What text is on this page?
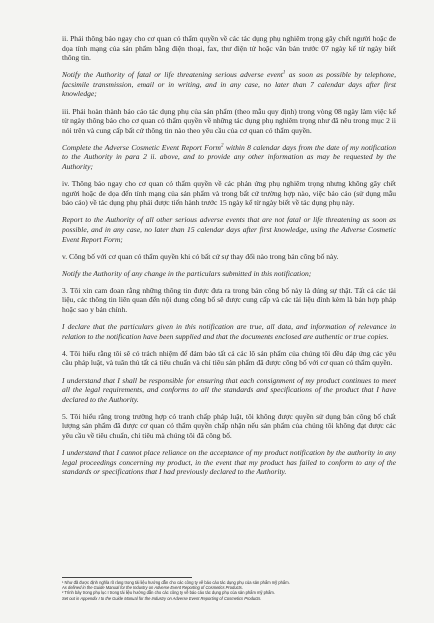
ii. Phải thông báo ngay cho cơ quan có thẩm quyền về các tác dụng phụ nghiêm trọng gây chết người hoặc đe dọa tính mạng của sản phẩm bằng điện thoại, fax, thư điện tử hoặc văn bản trước 07 ngày kể từ ngày biết thông tin.

Notify the Authority of fatal or life threatening serious adverse event$^1$ as soon as possible by telephone, facsimile transmission, email or in writing, and in any case, no later than 7 calendar days after first knowledge;

iii. Phải hoàn thành báo cáo tác dụng phụ của sản phẩm (theo mẫu quy định) trong vòng 08 ngày làm việc kể từ ngày thông báo cho cơ quan có thẩm quyền về những tác dụng phụ nghiêm trọng như đã nêu trong mục 2 ii nói trên và cung cấp bất cứ thông tin nào theo yêu cầu của cơ quan có thẩm quyền.

Complete the Adverse Cosmetic Event Report Form$^2$ within 8 calendar days from the date of my notification to the Authority in para 2 ii. above, and to provide any other information as may be requested by the Authority;

iv. Thông báo ngay cho cơ quan có thẩm quyền về các phản ứng phụ nghiêm trọng nhưng không gây chết người hoặc đe dọa đến tính mạng của sản phẩm và trong bất cứ trường hợp nào, việc báo cáo (sử dụng mẫu báo cáo) về tác dụng phụ phải được tiến hành trước 15 ngày kể từ ngày biết về tác dụng phụ này.

Report to the Authority of all other serious adverse events that are not fatal or life threatening as soon as possible, and in any case, no later than 15 calendar days after first knowledge, using the Adverse Cosmetic Event Report Form;

v. Công bố với cơ quan có thẩm quyền khi có bất cứ sự thay đổi nào trong bản công bố này.

Notify the Authority of any change in the particulars submitted in this notification;

3. Tôi xin cam đoan rằng những thông tin được đưa ra trong bản công bố này là đúng sự thật. Tất cả các tài liệu, các thông tin liên quan đến nội dung công bố sẽ được cung cấp và các tài liệu đính kèm là bản hợp pháp hoặc sao y bản chính.

I declare that the particulars given in this notification are true, all data, and information of relevance in relation to the notification have been supplied and that the documents enclosed are authentic or true copies.

4. Tôi hiểu rằng tôi sẽ có trách nhiệm để đảm bảo tất cả các lô sản phẩm của chúng tôi đều đáp ứng các yêu cầu pháp luật, và tuân thủ tất cả tiêu chuẩn và chỉ tiêu sản phẩm đã được công bố với cơ quan có thẩm quyền.

I understand that I shall be responsible for ensuring that each consignment of my product continues to meet all the legal requirements, and conforms to all the standards and specifications of the product that I have declared to the Authority.

5. Tôi hiểu rằng trong trường hợp có tranh chấp pháp luật, tôi không được quyền sử dụng bản công bố chất lượng sản phẩm đã được cơ quan có thẩm quyền chấp nhận nếu sản phẩm của chúng tôi không đạt được các yêu cầu về tiêu chuẩn, chỉ tiêu mà chúng tôi đã công bố.

I understand that I cannot place reliance on the acceptance of my product notification by the authority in any legal proceedings concerning my product, in the event that my product has failed to conform to any of the standards or specifications that I had previously declared to the Authority.

¹ Như đã được định nghĩa rõ ràng trong tài liệu hướng dẫn cho các công ty về báo cáo tác dụng phụ của sản phẩm mỹ phẩm.

As defined in the Guide Manual for the Industry on Adverse Event Reporting of Cosmetics Products.

² Trình bày trong phụ lục I trong tài liệu hướng dẫn cho các công ty về báo cáo tác dụng phụ của sản phẩm mỹ phẩm.

Set out in Appendix I to the Guide Manual for the Industry on Adverse Event Reporting of Cosmetics Products.
